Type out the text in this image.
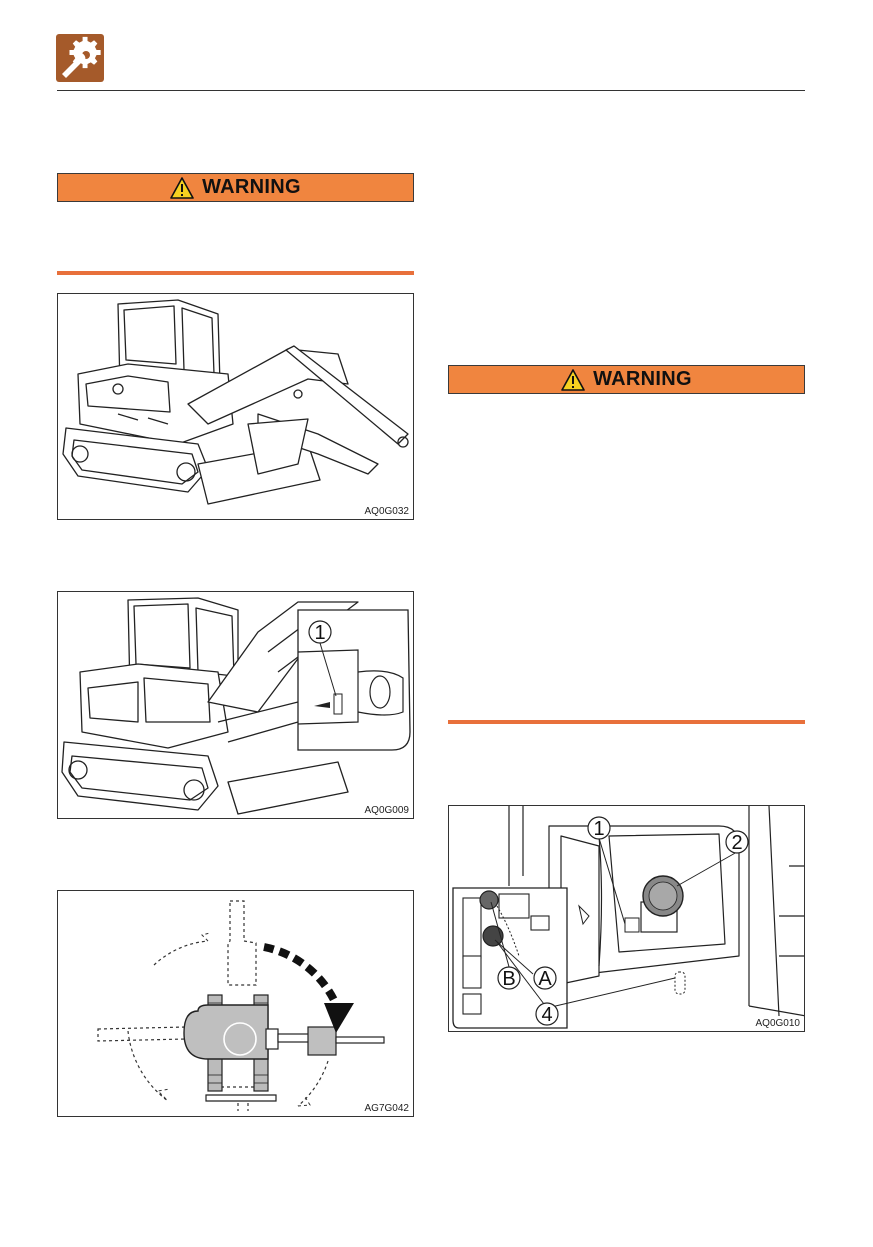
WARNING
AQ0G032
1
AQ0G009
AG7G042
WARNING
1
2
4
A
B
AQ0G010
